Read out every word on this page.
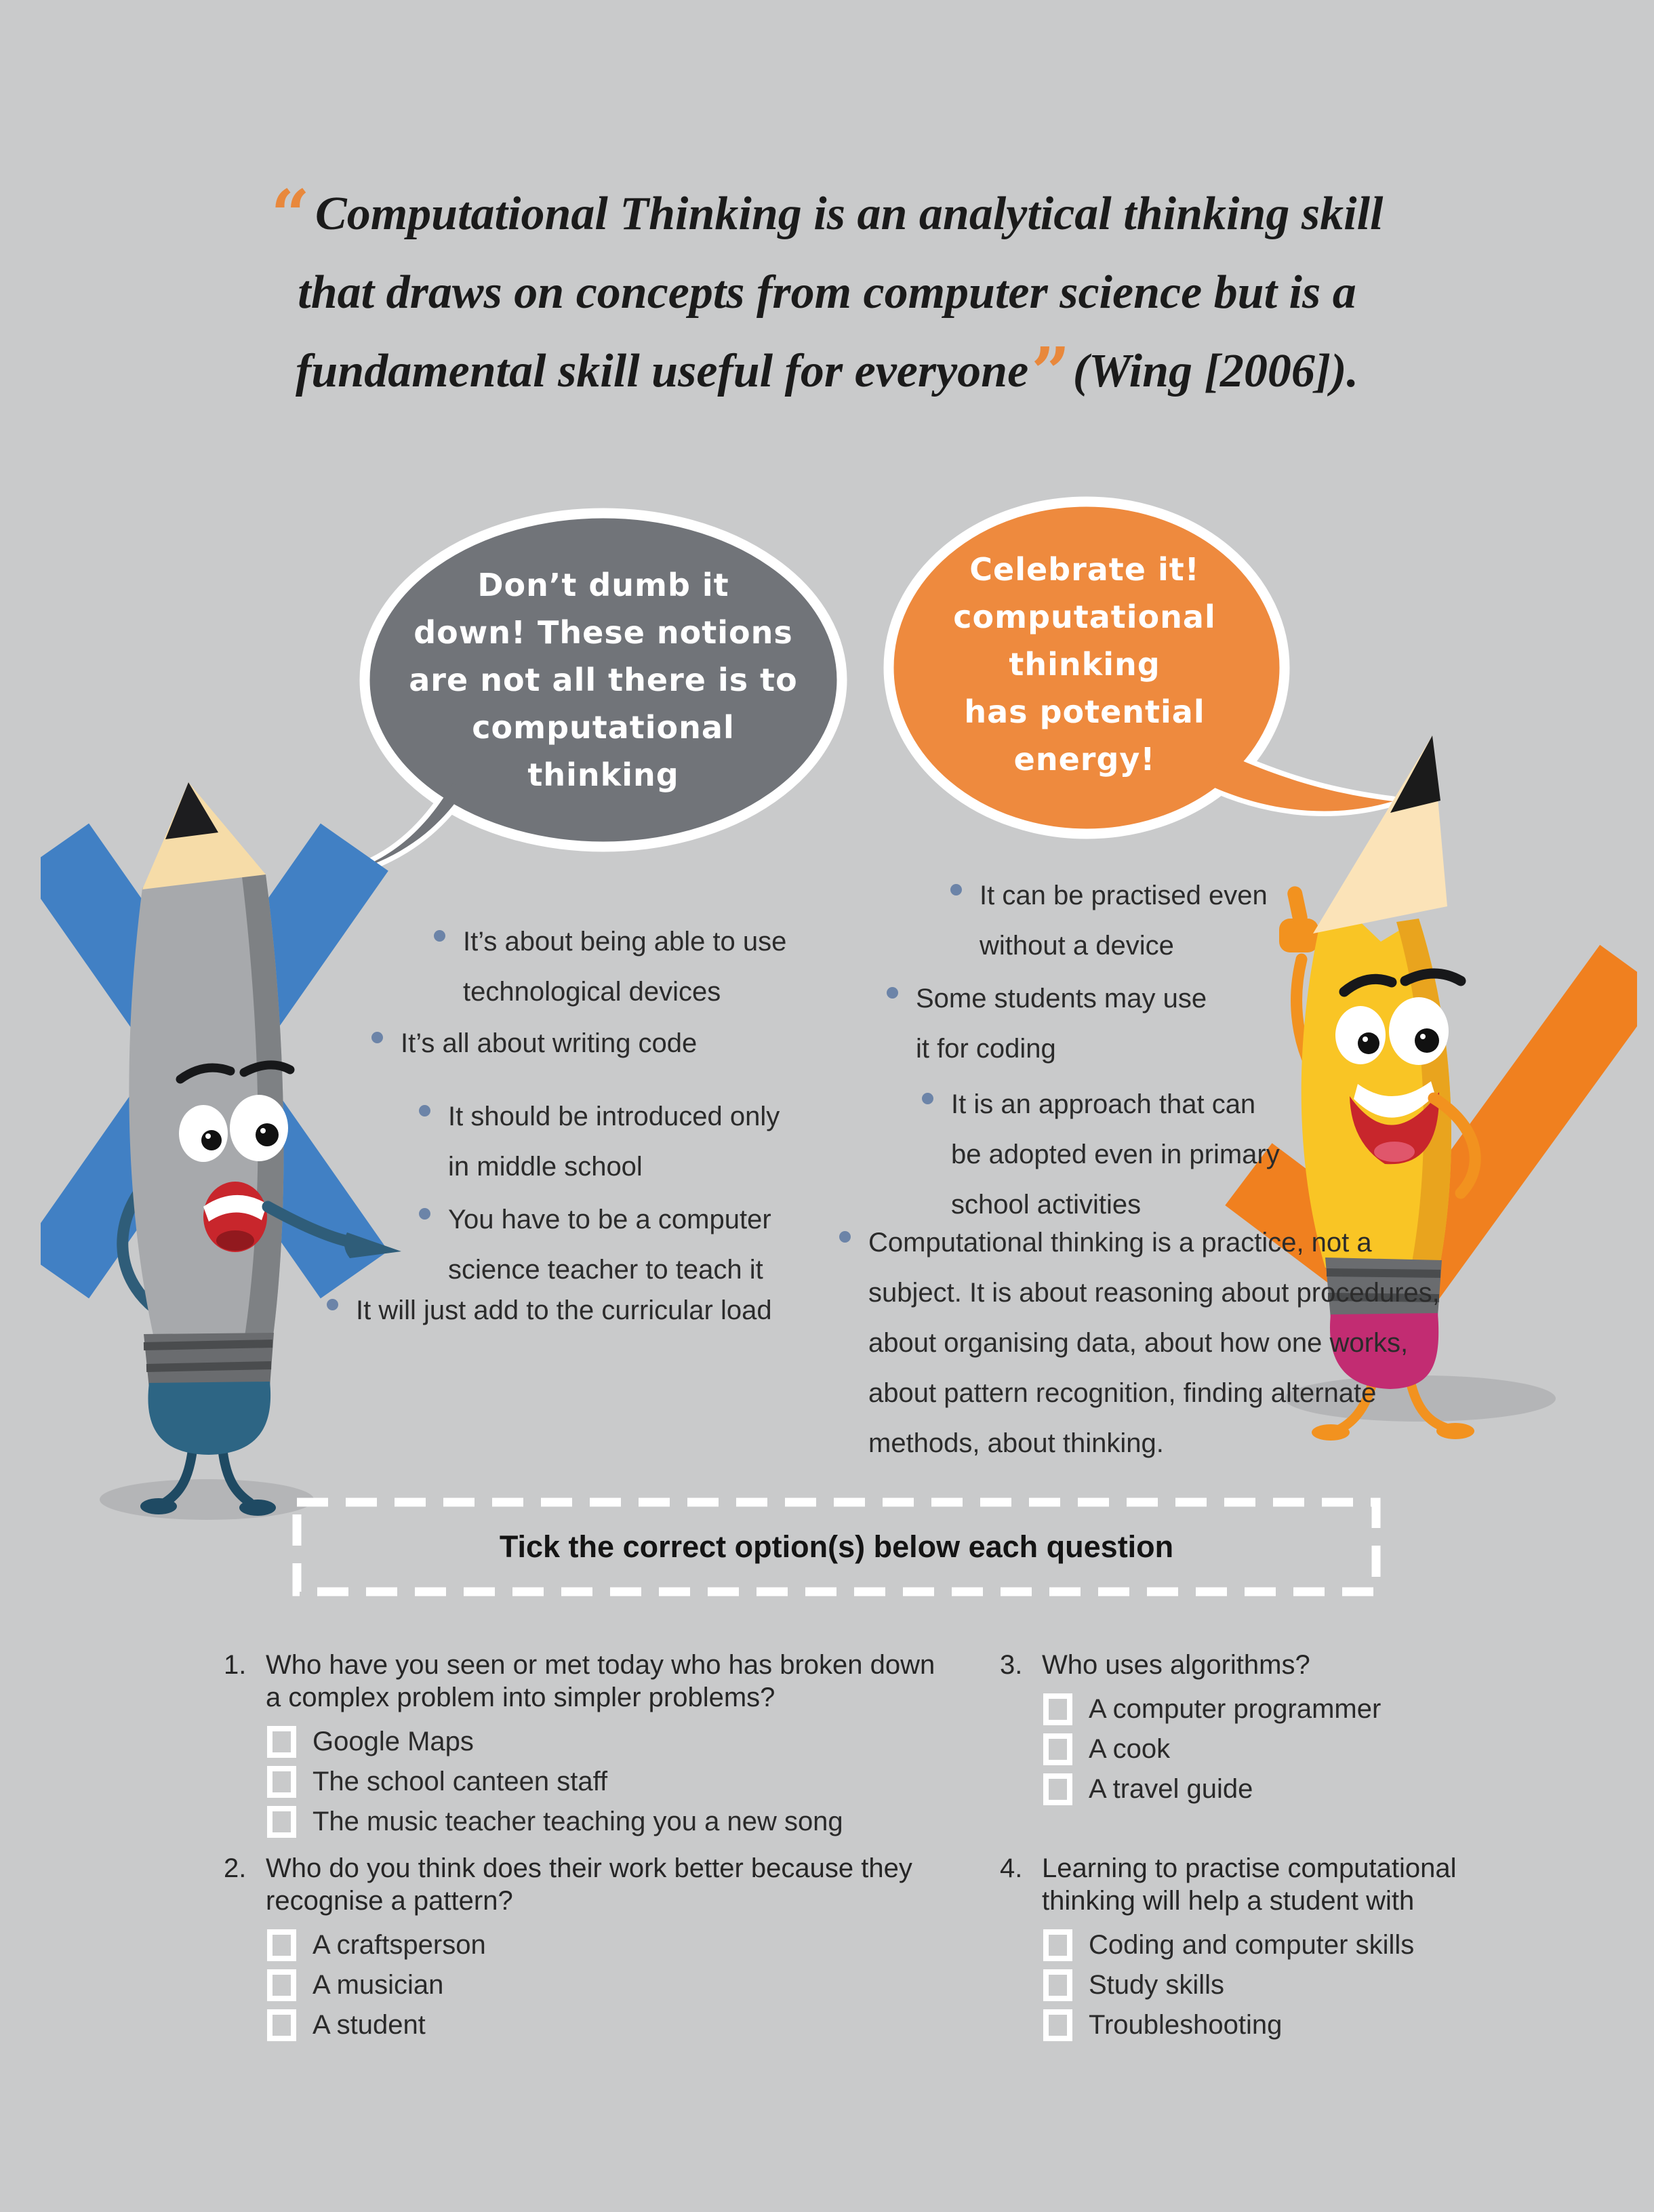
“ Computational Thinking is an analytical thinking skill
that draws on concepts from computer science but is a
fundamental skill useful for everyone”(Wing [2006]).
Don’t dumb it
down! These notions
are not all there is to
computational
thinking
Celebrate it!
computational
thinking
has potential
energy!
It’s about being able to use
technological devices
It’s all about writing code
It should be introduced only
in middle school
You have to be a computer
science teacher to teach it
It will just add to the curricular load
It can be practised even
without a device
Some students may use
it for coding
It is an approach that can
be adopted even in primary
school activities
Computational thinking is a practice, not a
subject. It is about reasoning about procedures,
about organising data, about how one works,
about pattern recognition, finding alternate
methods, about thinking.
Tick the correct option(s) below each question
1. Who have you seen or met today who has broken down
a complex problem into simpler problems?
Google Maps
The school canteen staff
The music teacher teaching you a new song
2. Who do you think does their work better because they
recognise a pattern?
A craftsperson
A musician
A student
3. Who uses algorithms?
A computer programmer
A cook
A travel guide
4. Learning to practise computational
thinking will help a student with
Coding and computer skills
Study skills
Troubleshooting
